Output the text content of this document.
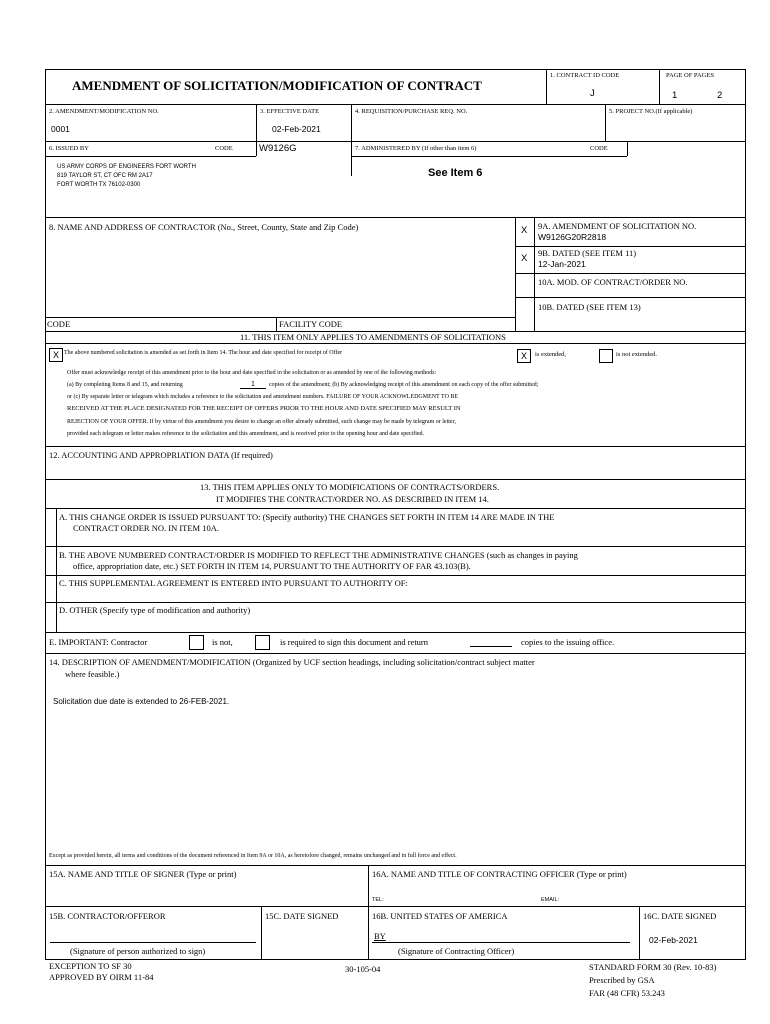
AMENDMENT OF SOLICITATION/MODIFICATION OF CONTRACT
1. CONTRACT ID CODE
J
PAGE OF PAGES
1	2
2. AMENDMENT/MODIFICATION NO.
0001
3. EFFECTIVE DATE
02-Feb-2021
4. REQUISITION/PURCHASE REQ. NO.	5. PROJECT NO.(If applicable)
6. ISSUED BY	CODE	W9126G	7. ADMINISTERED BY (If other than item 6)	CODE
US ARMY CORPS OF ENGINEERS FORT WORTH
819 TAYLOR ST, CT OFC RM 2A17
FORT WORTH TX 76102-0300
See Item 6
8. NAME AND ADDRESS OF CONTRACTOR (No., Street, County, State and Zip Code)	X 9A. AMENDMENT OF SOLICITATION NO.
W9126G20R2818
X 9B. DATED (SEE ITEM 11)
12-Jan-2021
10A. MOD. OF CONTRACT/ORDER NO.
10B. DATED (SEE ITEM 13)
CODE	FACILITY CODE
11. THIS ITEM ONLY APPLIES TO AMENDMENTS OF SOLICITATIONS
X The above numbered solicitation is amended as set forth in Item 14. The hour and date specified for receipt of Offer	X	is extended,	is not extended.
Offer must acknowledge receipt of this amendment prior to the hour and date specified in the solicitation or as amended by one of the following methods:
(a) By completing Items 8 and 15, and returning	1	copies of the amendment; (b) By acknowledging receipt of this amendment on each copy of the offer submitted;
or (c) By separate letter or telegram which includes a reference to the solicitation and amendment numbers. FAILURE OF YOUR ACKNOWLEDGMENT TO BE
RECEIVED AT THE PLACE DESIGNATED FOR THE RECEIPT OF OFFERS PRIOR TO THE HOUR AND DATE SPECIFIED MAY RESULT IN
REJECTION OF YOUR OFFER. If by virtue of this amendment you desire to change an offer already submitted, such change may be made by telegram or letter,
provided each telegram or letter makes reference to the solicitation and this amendment, and is received prior to the opening hour and date specified.
12. ACCOUNTING AND APPROPRIATION DATA (If required)
13. THIS ITEM APPLIES ONLY TO MODIFICATIONS OF CONTRACTS/ORDERS.
IT MODIFIES THE CONTRACT/ORDER NO. AS DESCRIBED IN ITEM 14.
A. THIS CHANGE ORDER IS ISSUED PURSUANT TO: (Specify authority) THE CHANGES SET FORTH IN ITEM 14 ARE MADE IN THE
CONTRACT ORDER NO. IN ITEM 10A.
B. THE ABOVE NUMBERED CONTRACT/ORDER IS MODIFIED TO REFLECT THE ADMINISTRATIVE CHANGES (such as changes in paying
office, appropriation date, etc.) SET FORTH IN ITEM 14, PURSUANT TO THE AUTHORITY OF FAR 43.103(B).
C. THIS SUPPLEMENTAL AGREEMENT IS ENTERED INTO PURSUANT TO AUTHORITY OF:
D. OTHER (Specify type of modification and authority)
E. IMPORTANT: Contractor	is not,	is required to sign this document and return	copies to the issuing office.
14. DESCRIPTION OF AMENDMENT/MODIFICATION (Organized by UCF section headings, including solicitation/contract subject matter
where feasible.)
Solicitation due date is extended to 26-FEB-2021.
Except as provided herein, all terms and conditions of the document referenced in Item 9A or 10A, as heretofore changed, remains unchanged and in full force and effect.
15A. NAME AND TITLE OF SIGNER (Type or print)	16A. NAME AND TITLE OF CONTRACTING OFFICER (Type or print)
TEL:	EMAIL:
15B. CONTRACTOR/OFFEROR	15C. DATE SIGNED	16B. UNITED STATES OF AMERICA	16C. DATE SIGNED
BY	02-Feb-2021
(Signature of person authorized to sign)	(Signature of Contracting Officer)
EXCEPTION TO SF 30
APPROVED BY OIRM 11-84
30-105-04	STANDARD FORM 30 (Rev. 10-83)
Prescribed by GSA
FAR (48 CFR) 53.243
